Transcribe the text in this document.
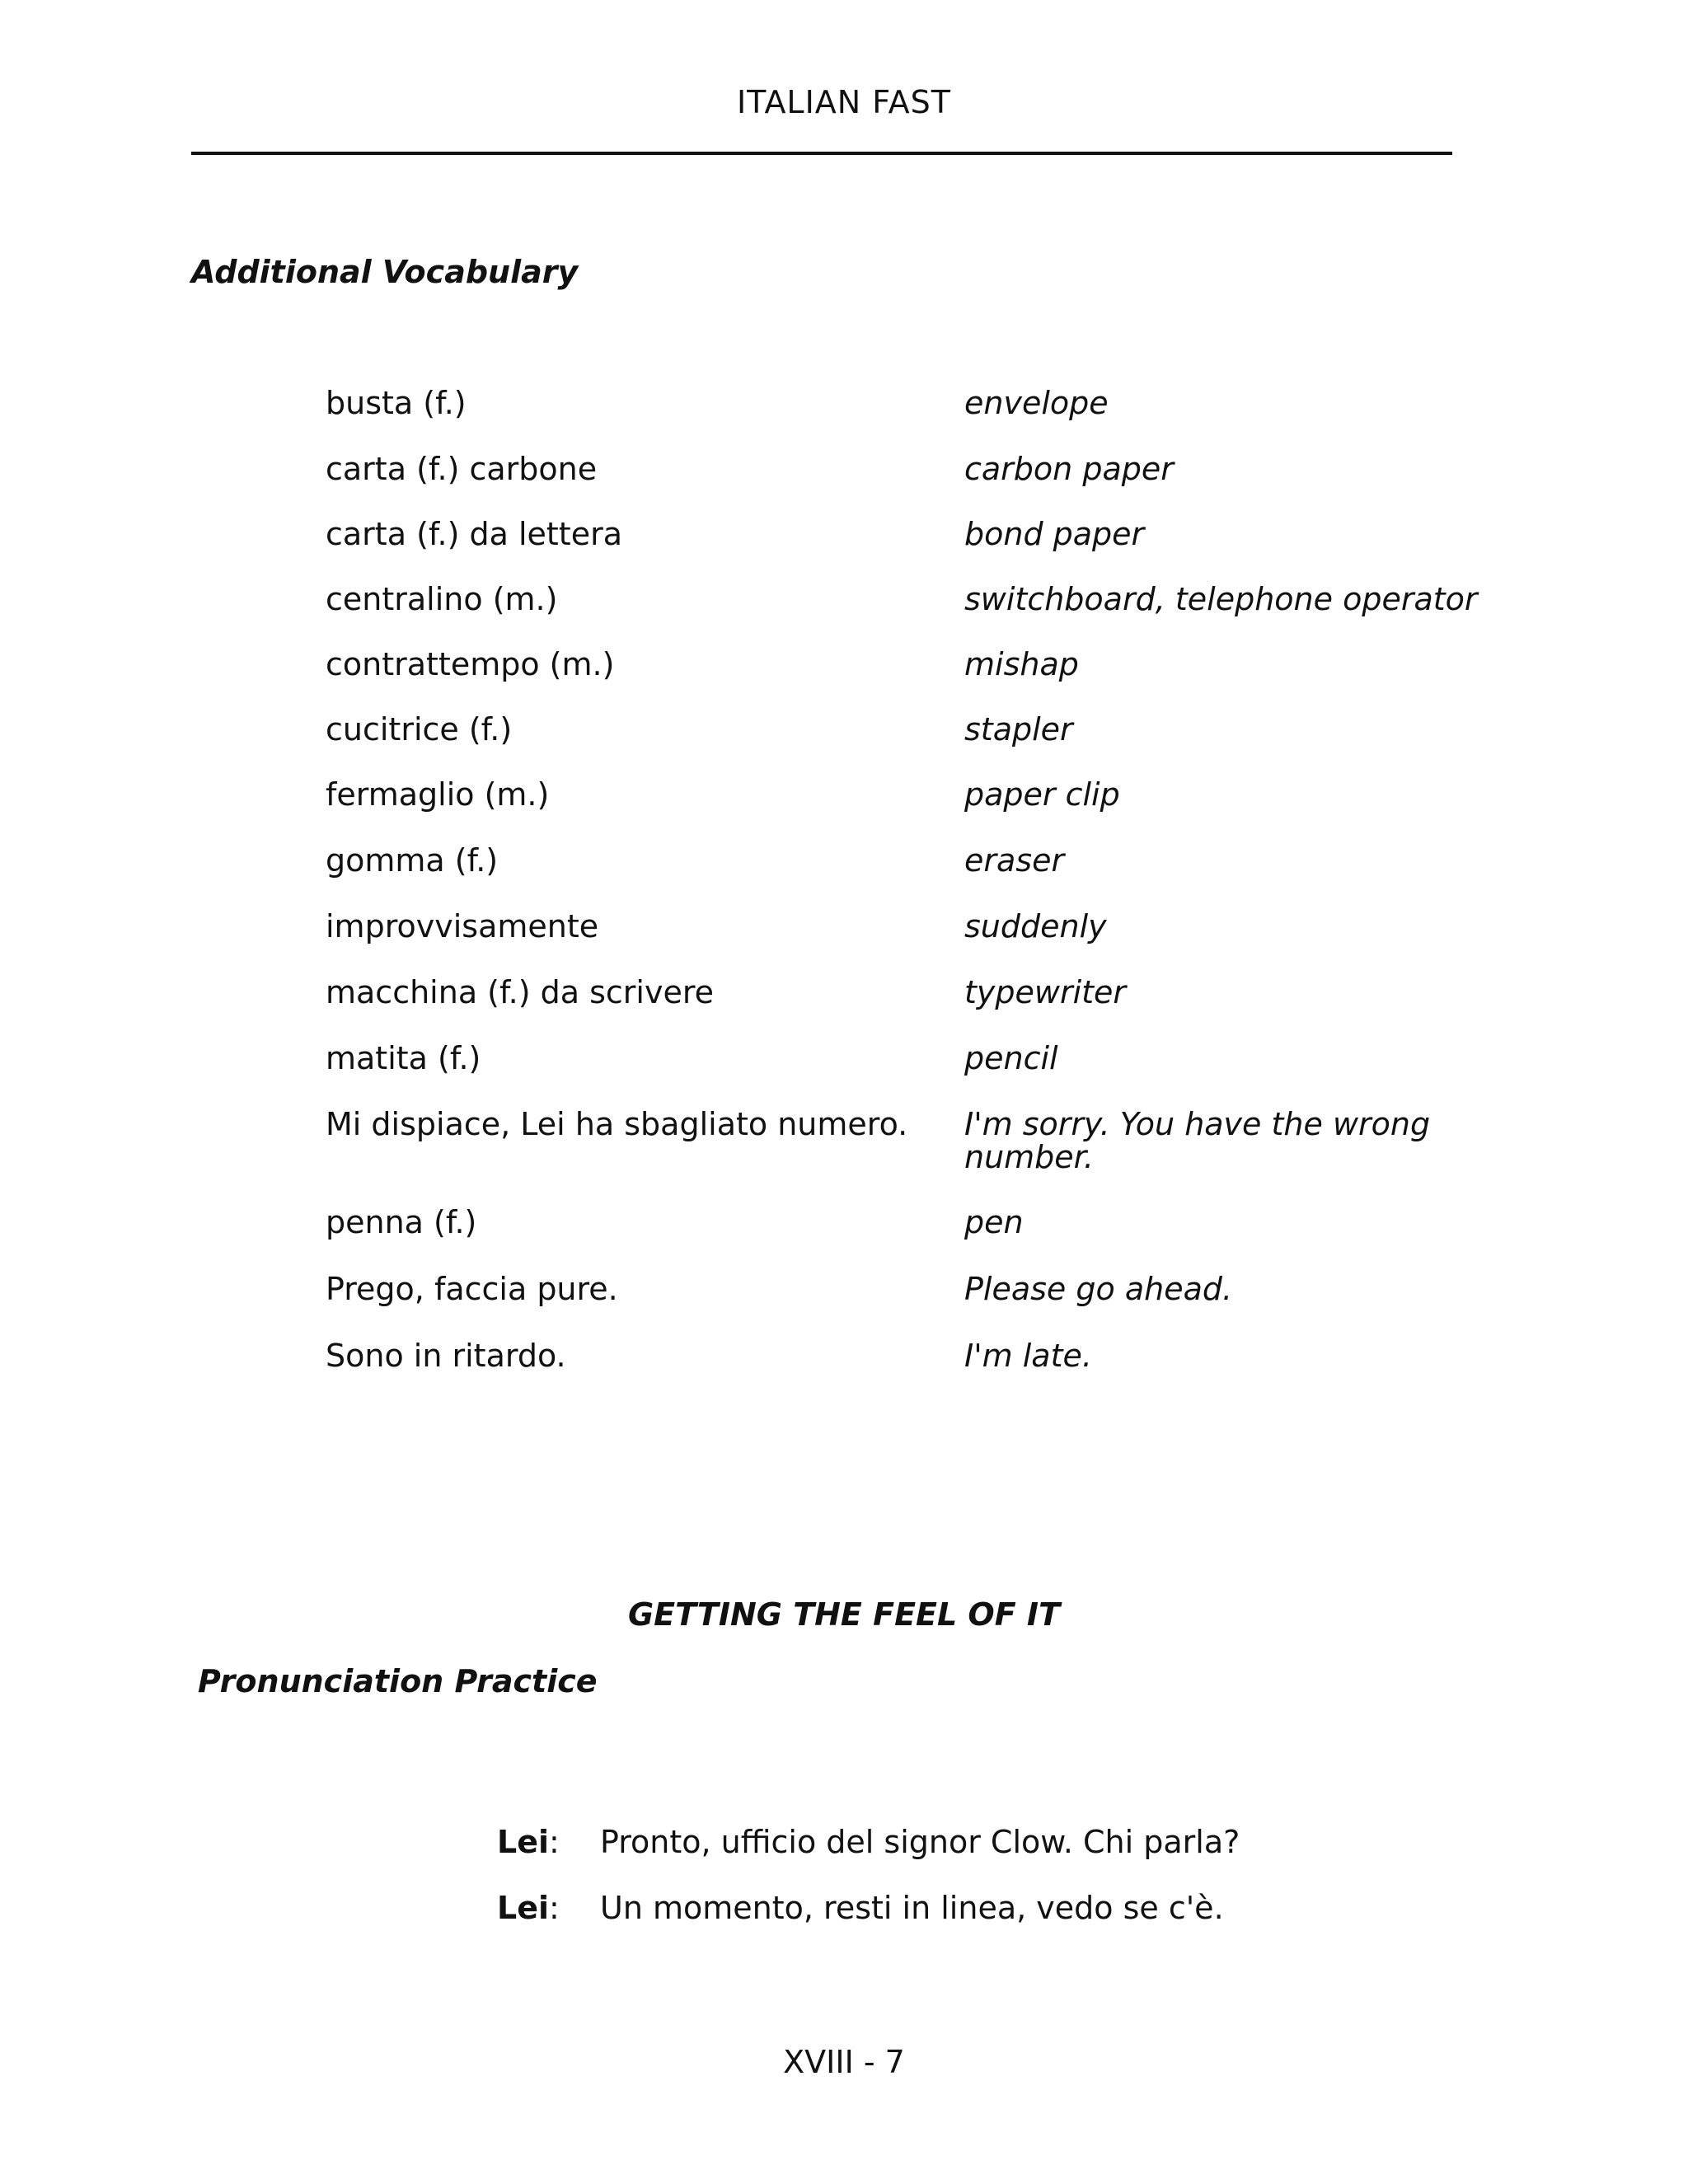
ITALIAN FAST
Additional Vocabulary
busta (f.)	envelope
carta (f.) carbone	carbon paper
carta (f.) da lettera	bond paper
centralino (m.)	switchboard, telephone operator
contrattempo (m.)	mishap
cucitrice (f.)	stapler
fermaglio (m.)	paper clip
gomma (f.)	eraser
improvvisamente	suddenly
macchina (f.) da scrivere	typewriter
matita (f.)	pencil
Mi dispiace, Lei ha sbagliato numero.	I'm sorry. You have the wrong number.
penna (f.)	pen
Prego, faccia pure.	Please go ahead.
Sono in ritardo.	I'm late.
GETTING THE FEEL OF IT
Pronunciation Practice
Lei:	Pronto, ufficio del signor Clow. Chi parla?
Lei:	Un momento, resti in linea, vedo se c'è.
XVIII - 7
